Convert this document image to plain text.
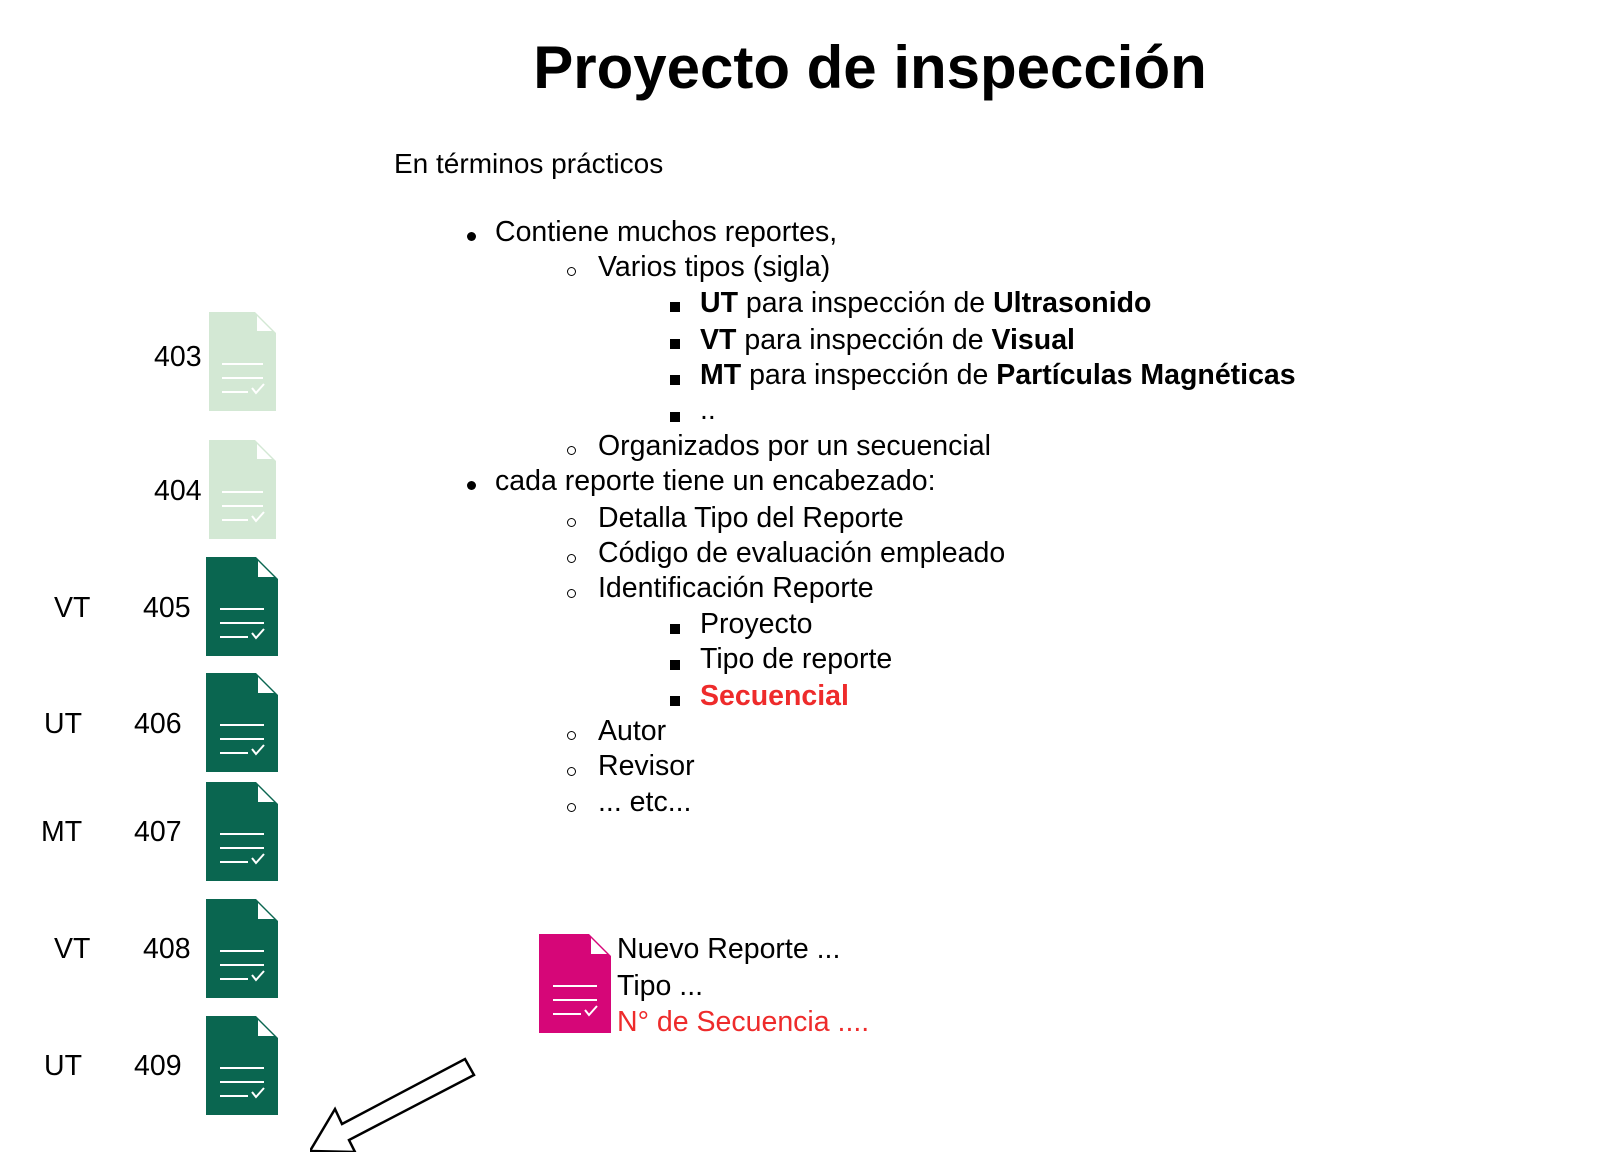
Proyecto de inspección
En términos prácticos
Contiene muchos reportes,
Varios tipos (sigla)
UT para inspección de Ultrasonido
VT para inspección de Visual
MT para inspección de Partículas Magnéticas
..
Organizados por un secuencial
cada reporte tiene un encabezado:
Detalla Tipo del Reporte
Código de evaluación empleado
Identificación Reporte
Proyecto
Tipo de reporte
Secuencial
Autor
Revisor
... etc...
403
404
VT 405
UT 406
MT 407
VT 408
UT 409
Nuevo Reporte ...
Tipo ...
N° de Secuencia ....
